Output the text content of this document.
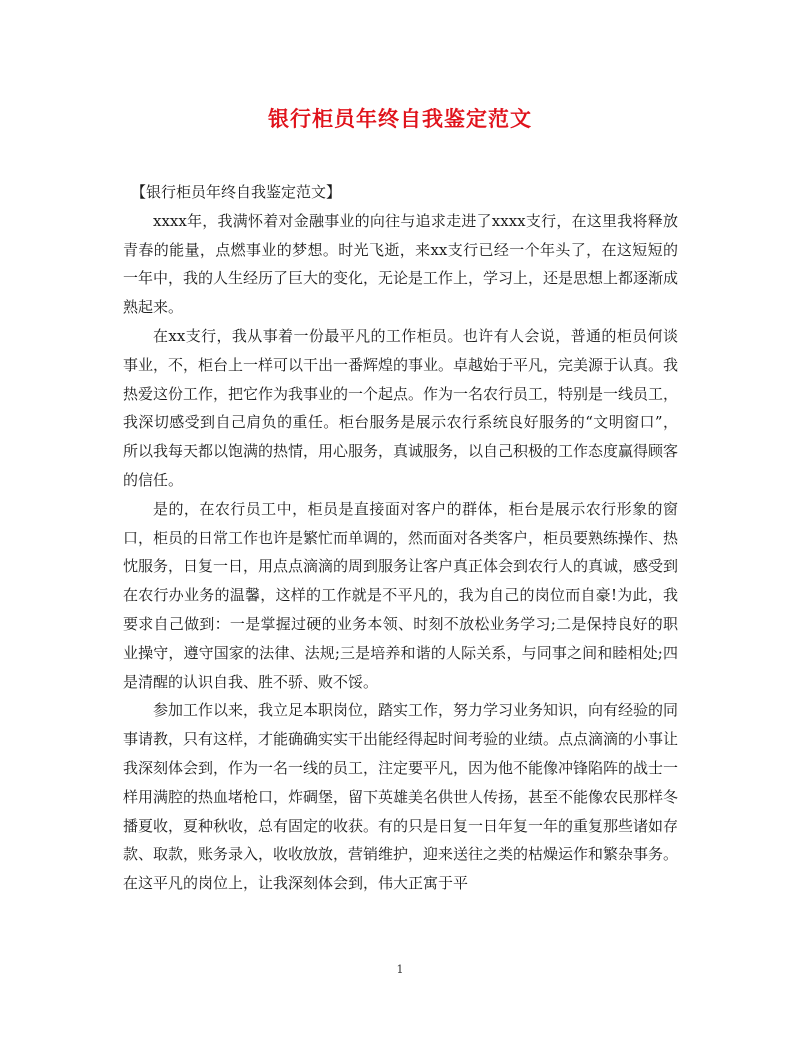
银行柜员年终自我鉴定范文

【银行柜员年终自我鉴定范文】

xxxx年，我满怀着对金融事业的向往与追求走进了xxxx支行，在这里我将释放青春的能量，点燃事业的梦想。时光飞逝，来xx支行已经一个年头了，在这短短的一年中，我的人生经历了巨大的变化，无论是工作上，学习上，还是思想上都逐渐成熟起来。

在xx支行，我从事着一份最平凡的工作柜员。也许有人会说，普通的柜员何谈事业，不，柜台上一样可以干出一番辉煌的事业。卓越始于平凡，完美源于认真。我热爱这份工作，把它作为我事业的一个起点。作为一名农行员工，特别是一线员工，我深切感受到自己肩负的重任。柜台服务是展示农行系统良好服务的“文明窗口”，所以我每天都以饱满的热情，用心服务，真诚服务，以自己积极的工作态度赢得顾客的信任。

是的，在农行员工中，柜员是直接面对客户的群体，柜台是展示农行形象的窗口，柜员的日常工作也许是繁忙而单调的，然而面对各类客户，柜员要熟练操作、热忱服务，日复一日，用点点滴滴的周到服务让客户真正体会到农行人的真诚，感受到在农行办业务的温馨，这样的工作就是不平凡的，我为自己的岗位而自豪!为此，我要求自己做到：一是掌握过硬的业务本领、时刻不放松业务学习;二是保持良好的职业操守，遵守国家的法律、法规;三是培养和谐的人际关系，与同事之间和睦相处;四是清醒的认识自我、胜不骄、败不馁。

参加工作以来，我立足本职岗位，踏实工作，努力学习业务知识，向有经验的同事请教，只有这样，才能确确实实干出能经得起时间考验的业绩。点点滴滴的小事让我深刻体会到，作为一名一线的员工，注定要平凡，因为他不能像冲锋陷阵的战士一样用满腔的热血堵枪口，炸碉堡，留下英雄美名供世人传扬，甚至不能像农民那样冬播夏收，夏种秋收，总有固定的收获。有的只是日复一日年复一年的重复那些诸如存款、取款，账务录入，收收放放，营销维护，迎来送往之类的枯燥运作和繁杂事务。在这平凡的岗位上，让我深刻体会到，伟大正寓于平

1
